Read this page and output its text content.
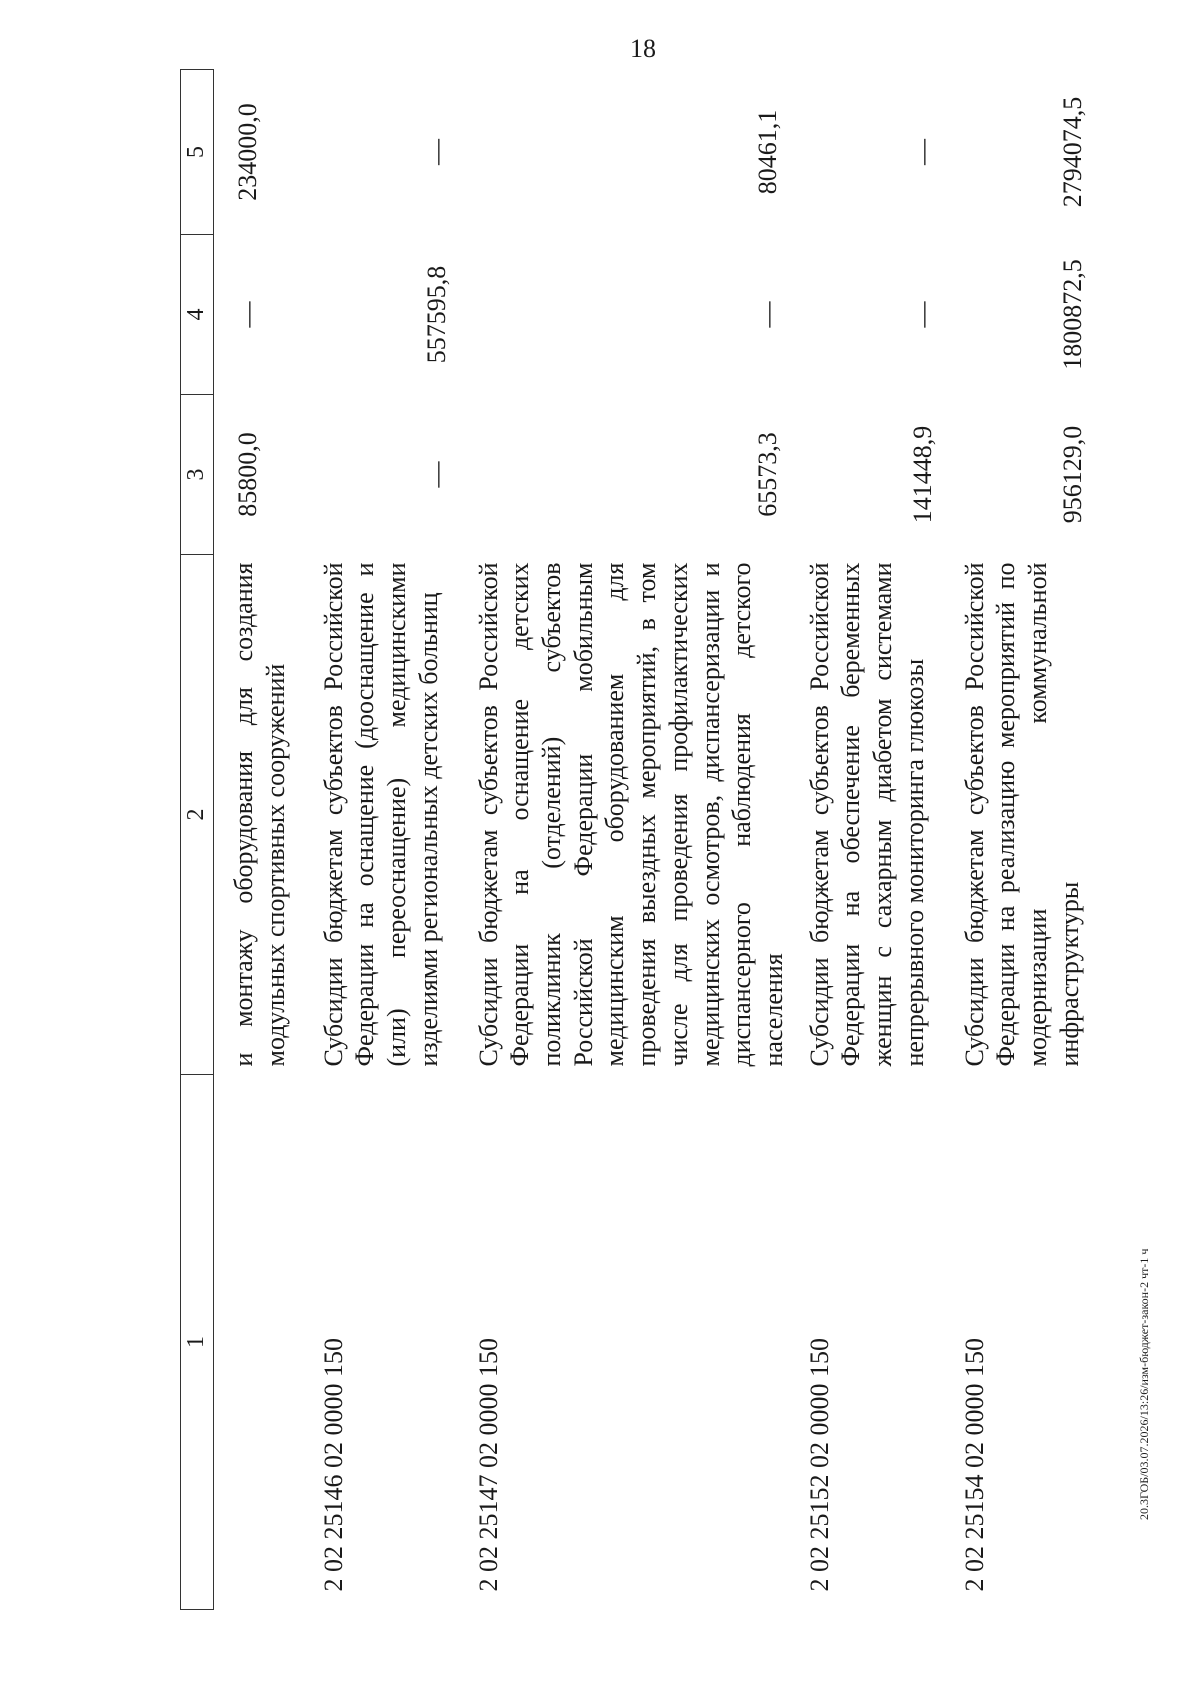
18
1	2	3	4	5
	и монтажу оборудования для создания модульных спортивных сооружений	85800,0	—	234000,0
2 02 25146 02 0000 150	Субсидии бюджетам субъектов Российской Федерации на оснащение (дооснащение и (или) переоснащение) медицинскими изделиями региональных детских больниц	—	557595,8	—
2 02 25147 02 0000 150	Субсидии бюджетам субъектов Российской Федерации на оснащение детских поликлиник (отделений) субъектов Российской Федерации мобильным медицинским оборудованием для проведения выездных мероприятий, в том числе для проведения профилактических медицинских осмотров, диспансеризации и диспансерного наблюдения детского населения	65573,3	—	80461,1
2 02 25152 02 0000 150	Субсидии бюджетам субъектов Российской Федерации на обеспечение беременных женщин с сахарным диабетом системами непрерывного мониторинга глюкозы	141448,9	—	—
2 02 25154 02 0000 150	Субсидии бюджетам субъектов Российской Федерации на реализацию мероприятий по модернизации коммунальной инфраструктуры	956129,0	1800872,5	2794074,5
20.3ГОБ/03.07.2026/13:26/изм-бюджет-закон-2 чт-1 ч
